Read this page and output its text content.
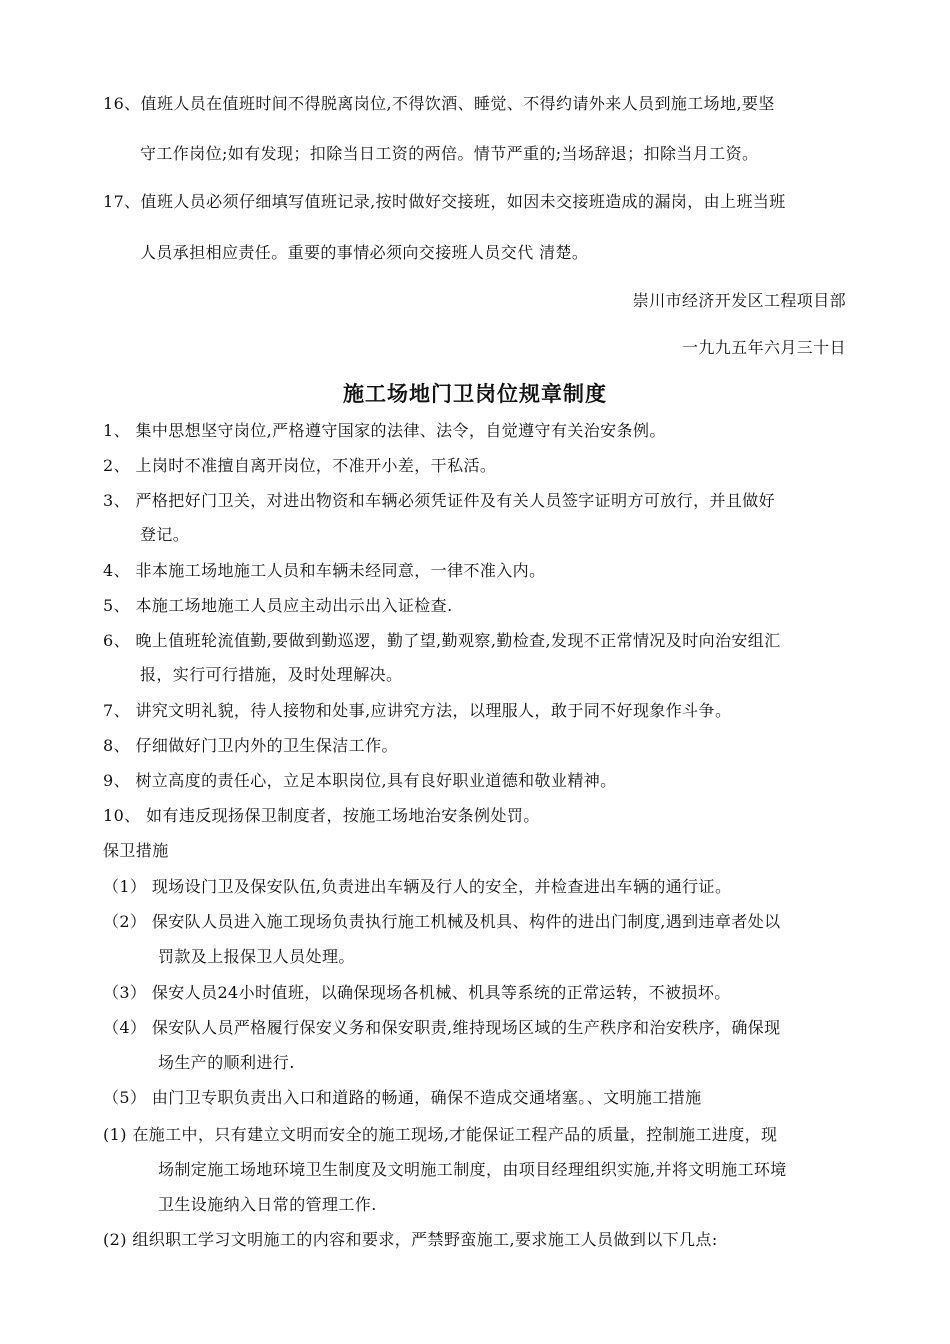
16、值班人员在值班时间不得脱离岗位,不得饮酒、睡觉、不得约请外来人员到施工场地,要坚
守工作岗位;如有发现；扣除当日工资的两倍。情节严重的;当场辞退；扣除当月工资。
17、值班人员必须仔细填写值班记录,按时做好交接班，如因未交接班造成的漏岗，由上班当班
人员承担相应责任。重要的事情必须向交接班人员交代 清楚。
崇川市经济开发区工程项目部
一九九五年六月三十日
施工场地门卫岗位规章制度
1、 集中思想坚守岗位,严格遵守国家的法律、法令，自觉遵守有关治安条例。
2、 上岗时不准擅自离开岗位，不准开小差，干私活。
3、 严格把好门卫关，对进出物资和车辆必须凭证件及有关人员签字证明方可放行，并且做好
登记。
4、 非本施工场地施工人员和车辆未经同意，一律不准入内。
5、 本施工场地施工人员应主动出示出入证检查.
6、 晚上值班轮流值勤,要做到勤巡逻，勤了望,勤观察,勤检查,发现不正常情况及时向治安组汇
报，实行可行措施，及时处理解决。
7、 讲究文明礼貌，待人接物和处事,应讲究方法，以理服人，敢于同不好现象作斗争。
8、 仔细做好门卫内外的卫生保洁工作。
9、 树立高度的责任心，立足本职岗位,具有良好职业道德和敬业精神。
10、 如有违反现扬保卫制度者，按施工场地治安条例处罚。
保卫措施
（1） 现场设门卫及保安队伍,负责进出车辆及行人的安全，并检查进出车辆的通行证。
（2） 保安队人员进入施工现场负责执行施工机械及机具、构件的进出门制度,遇到违章者处以
罚款及上报保卫人员处理。
（3） 保安人员24小时值班，以确保现场各机械、机具等系统的正常运转，不被损坏。
（4） 保安队人员严格履行保安义务和保安职责,维持现场区域的生产秩序和治安秩序，确保现
场生产的顺利进行.
（5） 由门卫专职负责出入口和道路的畅通，确保不造成交通堵塞。、文明施工措施
(1) 在施工中，只有建立文明而安全的施工现场,才能保证工程产品的质量，控制施工进度，现
场制定施工场地环境卫生制度及文明施工制度，由项目经理组织实施,并将文明施工环境
卫生设施纳入日常的管理工作.
(2) 组织职工学习文明施工的内容和要求，严禁野蛮施工,要求施工人员做到以下几点:
